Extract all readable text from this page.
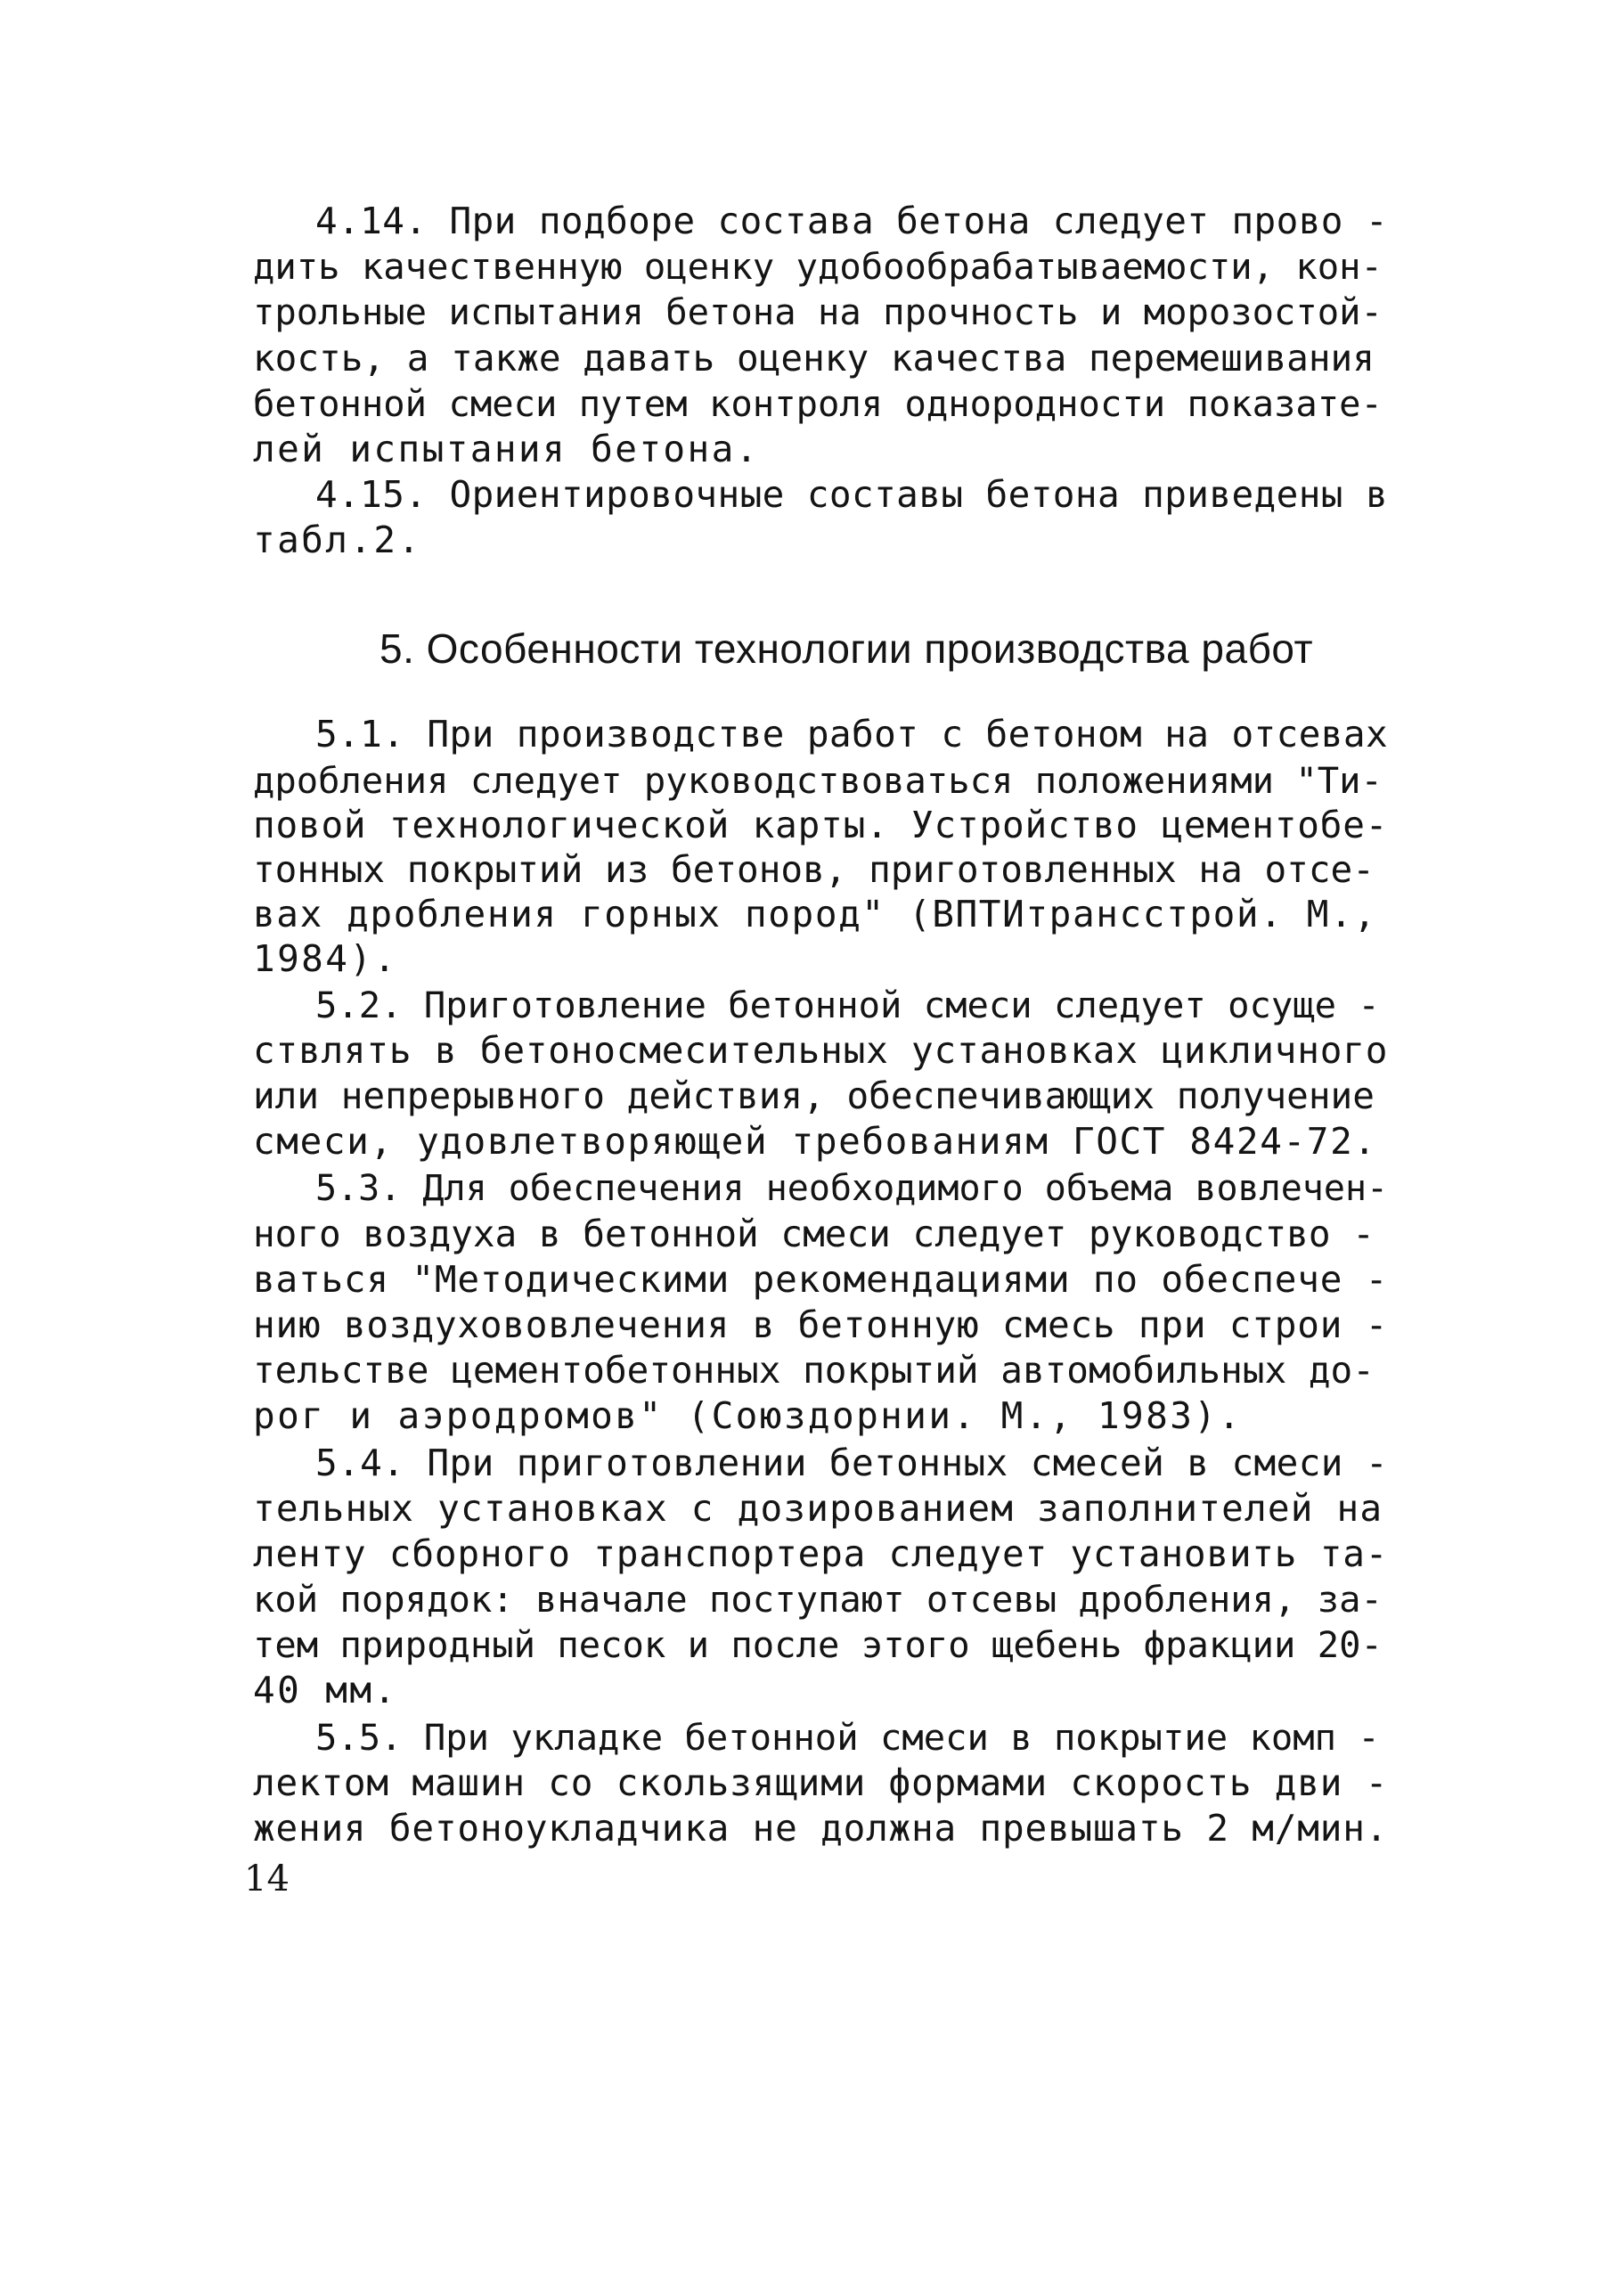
4.14. При подборе состава бетона следует прово -
дить качественную оценку удобообрабатываемости, кон-
трольные испытания бетона на прочность и морозостой-
кость, а также давать оценку качества перемешивания
бетонной смеси путем контроля однородности показате-
лей испытания бетона.
4.15. Ориентировочные составы бетона приведены в
табл.2.
5. Особенности технологии производства работ
5.1. При производстве работ с бетоном на отсевах
дробления следует руководствоваться положениями "Ти-
повой технологической карты. Устройство цементобе-
тонных покрытий из бетонов, приготовленных на отсе-
вах дробления горных пород" (ВПТИтрансстрой. М.,
1984).
5.2. Приготовление бетонной смеси следует осуще -
ствлять в бетоносмесительных установках цикличного
или непрерывного действия, обеспечивающих получение
смеси, удовлетворяющей требованиям ГОСТ 8424-72.
5.3. Для обеспечения необходимого объема вовлечен-
ного воздуха в бетонной смеси следует руководство -
ваться "Методическими рекомендациями по обеспече -
нию воздухововлечения в бетонную смесь при строи -
тельстве цементобетонных покрытий автомобильных до-
рог и аэродромов" (Союздорнии. М., 1983).
5.4. При приготовлении бетонных смесей в смеси -
тельных установках с дозированием заполнителей на
ленту сборного транспортера следует установить та-
кой порядок: вначале поступают отсевы дробления, за-
тем природный песок и после этого щебень фракции 20-
40 мм.
5.5. При укладке бетонной смеси в покрытие комп -
лектом машин со скользящими формами скорость дви -
жения бетоноукладчика не должна превышать 2 м/мин.
14
